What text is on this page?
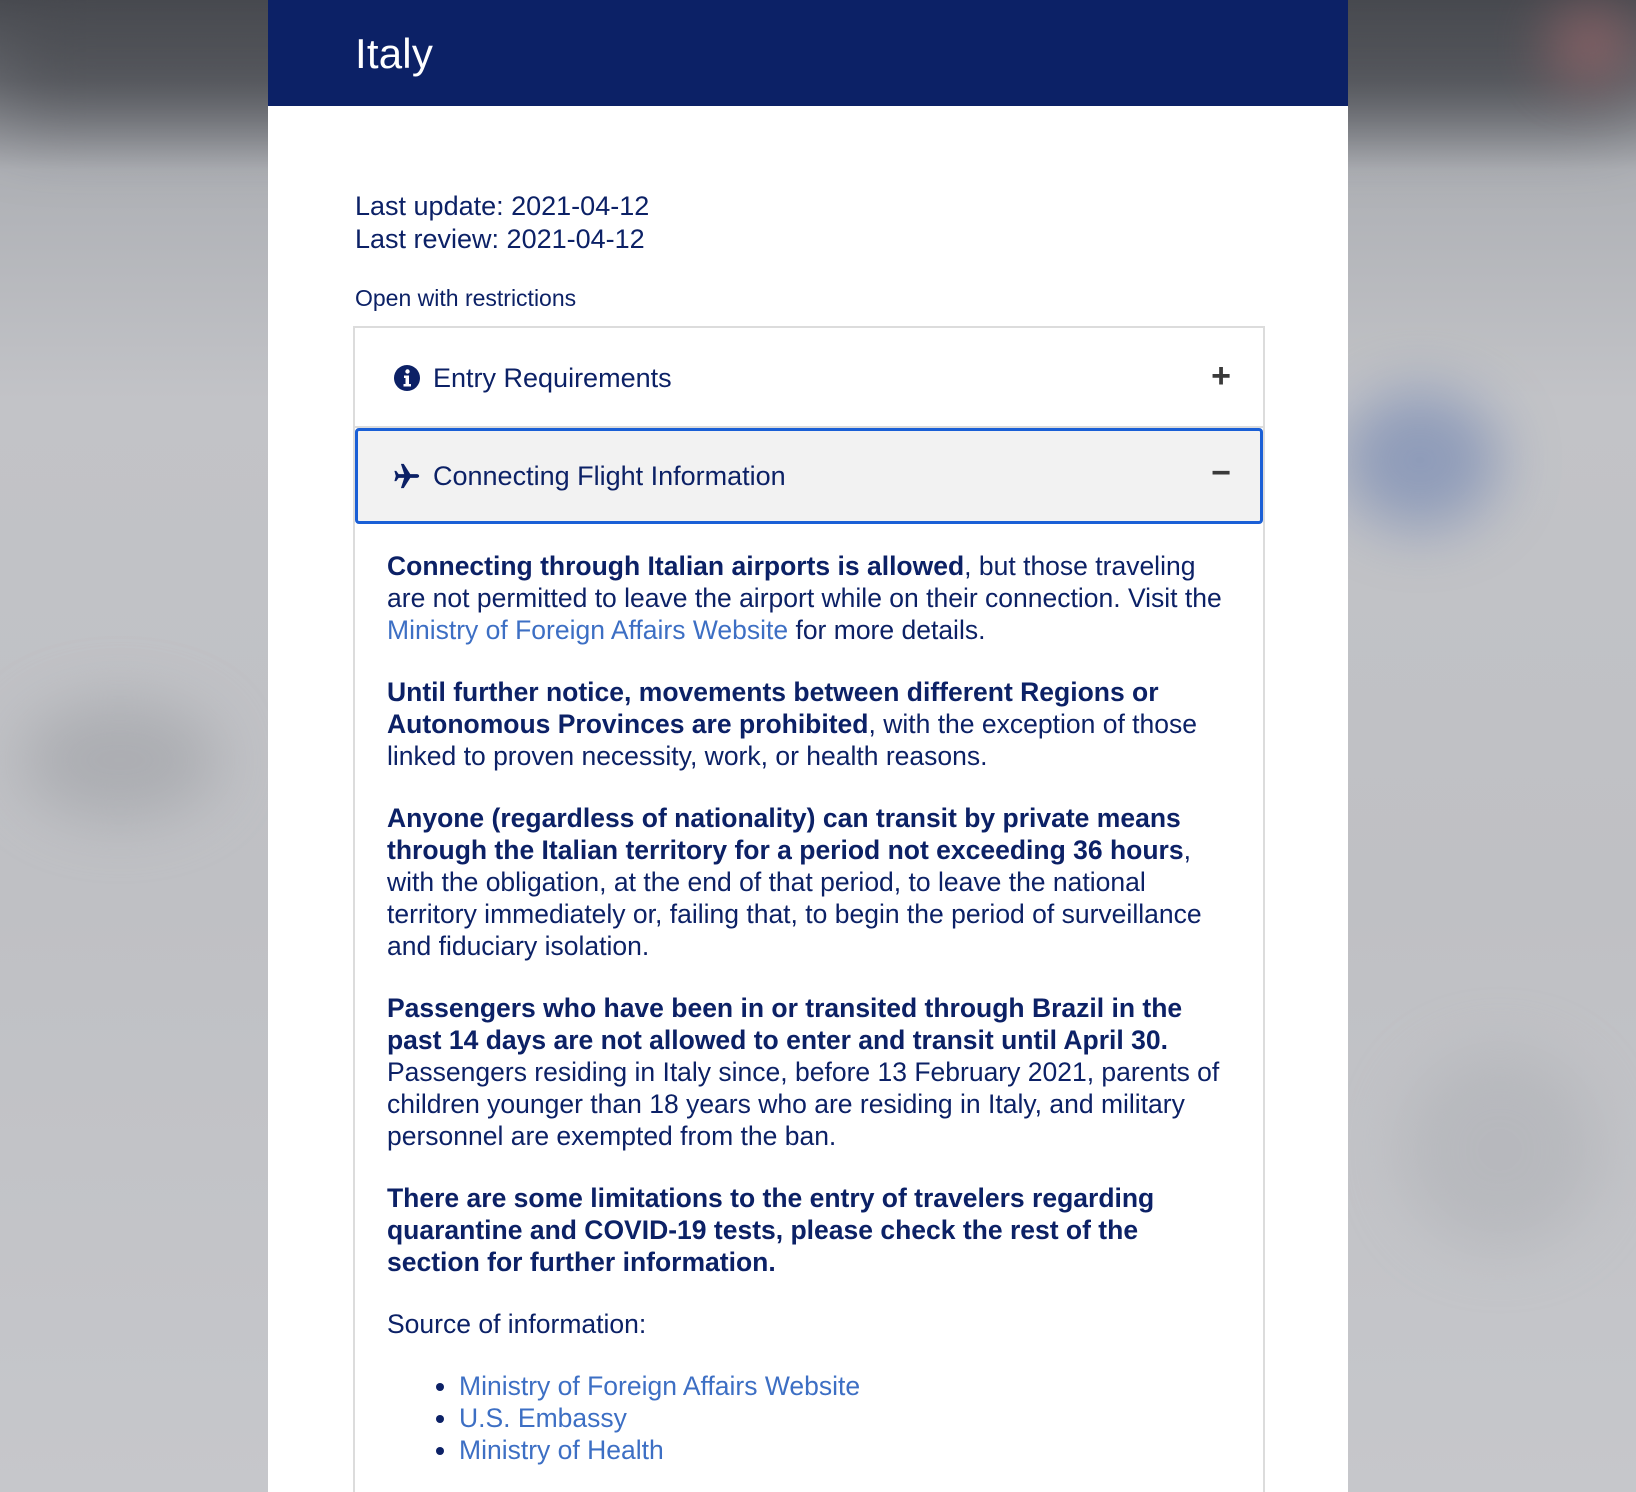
Italy
Last update: 2021-04-12
Last review: 2021-04-12
Open with restrictions
Entry Requirements	+
Connecting Flight Information	−

Connecting through Italian airports is allowed, but those traveling are not permitted to leave the airport while on their connection. Visit the Ministry of Foreign Affairs Website for more details.

Until further notice, movements between different Regions or Autonomous Provinces are prohibited, with the exception of those linked to proven necessity, work, or health reasons.

Anyone (regardless of nationality) can transit by private means through the Italian territory for a period not exceeding 36 hours, with the obligation, at the end of that period, to leave the national territory immediately or, failing that, to begin the period of surveillance and fiduciary isolation.

Passengers who have been in or transited through Brazil in the past 14 days are not allowed to enter and transit until April 30. Passengers residing in Italy since, before 13 February 2021, parents of children younger than 18 years who are residing in Italy, and military personnel are exempted from the ban.

There are some limitations to the entry of travelers regarding quarantine and COVID-19 tests, please check the rest of the section for further information.

Source of information:

• Ministry of Foreign Affairs Website
• U.S. Embassy
• Ministry of Health
